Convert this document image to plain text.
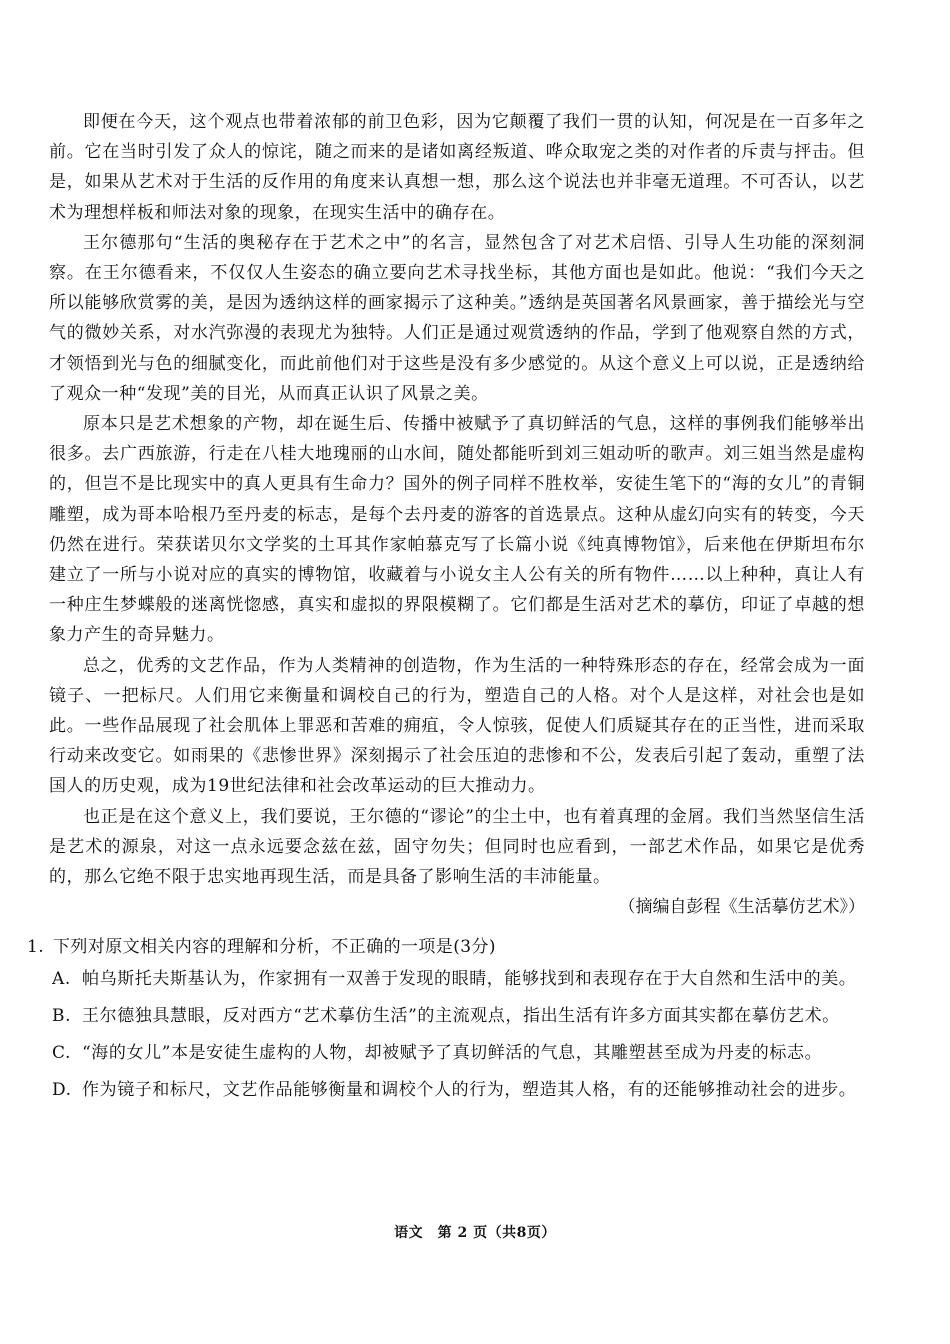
即便在今天，这个观点也带着浓郁的前卫色彩，因为它颠覆了我们一贯的认知，何况是在一百多年之前。它在当时引发了众人的惊诧，随之而来的是诸如离经叛道、哗众取宠之类的对作者的斥责与抨击。但是，如果从艺术对于生活的反作用的角度来认真想一想，那么这个说法也并非毫无道理。不可否认，以艺术为理想样板和师法对象的现象，在现实生活中的确存在。

王尔德那句“生活的奥秘存在于艺术之中”的名言，显然包含了对艺术启悟、引导人生功能的深刻洞察。在王尔德看来，不仅仅人生姿态的确立要向艺术寻找坐标，其他方面也是如此。他说：“我们今天之所以能够欣赏雾的美，是因为透纳这样的画家揭示了这种美。”透纳是英国著名风景画家，善于描绘光与空气的微妙关系，对水汽弥漫的表现尤为独特。人们正是通过观赏透纳的作品，学到了他观察自然的方式，才领悟到光与色的细腻变化，而此前他们对于这些是没有多少感觉的。从这个意义上可以说，正是透纳给了观众一种“发现”美的目光，从而真正认识了风景之美。

原本只是艺术想象的产物，却在诞生后、传播中被赋予了真切鲜活的气息，这样的事例我们能够举出很多。去广西旅游，行走在八桂大地瑰丽的山水间，随处都能听到刘三姐动听的歌声。刘三姐当然是虚构的，但岂不是比现实中的真人更具有生命力？国外的例子同样不胜枚举，安徒生笔下的“海的女儿”的青铜雕塑，成为哥本哈根乃至丹麦的标志，是每个去丹麦的游客的首选景点。这种从虚幻向实有的转变，今天仍然在进行。荣获诺贝尔文学奖的土耳其作家帕慕克写了长篇小说《纯真博物馆》，后来他在伊斯坦布尔建立了一所与小说对应的真实的博物馆，收藏着与小说女主人公有关的所有物件……以上种种，真让人有一种庄生梦蝶般的迷离恍惚感，真实和虚拟的界限模糊了。它们都是生活对艺术的摹仿，印证了卓越的想象力产生的奇异魅力。

总之，优秀的文艺作品，作为人类精神的创造物，作为生活的一种特殊形态的存在，经常会成为一面镜子、一把标尺。人们用它来衡量和调校自己的行为，塑造自己的人格。对个人是这样，对社会也是如此。一些作品展现了社会肌体上罪恶和苦难的痈疽，令人惊骇，促使人们质疑其存在的正当性，进而采取行动来改变它。如雨果的《悲惨世界》深刻揭示了社会压迫的悲惨和不公，发表后引起了轰动，重塑了法国人的历史观，成为19世纪法律和社会改革运动的巨大推动力。

也正是在这个意义上，我们要说，王尔德的“谬论”的尘土中，也有着真理的金屑。我们当然坚信生活是艺术的源泉，对这一点永远要念兹在兹，固守勿失；但同时也应看到，一部艺术作品，如果它是优秀的，那么它绝不限于忠实地再现生活，而是具备了影响生活的丰沛能量。

（摘编自彭程《生活摹仿艺术》）

1. 下列对原文相关内容的理解和分析，不正确的一项是(3分)

A. 帕乌斯托夫斯基认为，作家拥有一双善于发现的眼睛，能够找到和表现存在于大自然和生活中的美。
B. 王尔德独具慧眼，反对西方“艺术摹仿生活”的主流观点，指出生活有许多方面其实都在摹仿艺术。
C. “海的女儿”本是安徒生虚构的人物，却被赋予了真切鲜活的气息，其雕塑甚至成为丹麦的标志。
D. 作为镜子和标尺，文艺作品能够衡量和调校个人的行为，塑造其人格，有的还能够推动社会的进步。
语文　第 2 页（共8页）
